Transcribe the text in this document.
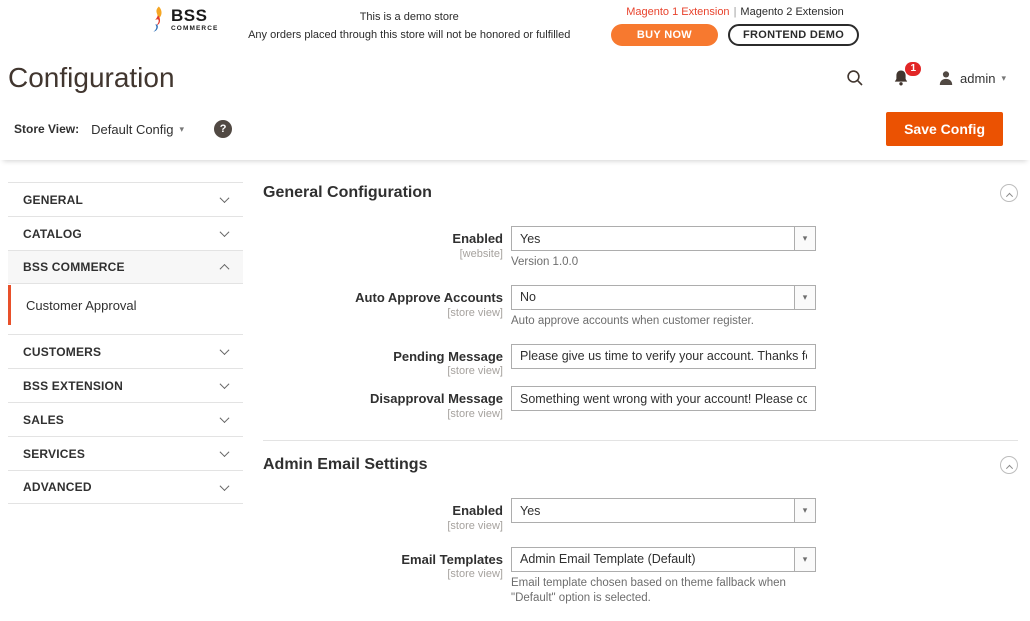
BSS
COMMERCE
This is a demo store
Any orders placed through this store will not be honored or fulfilled
Magento 1 Extension | Magento 2 Extension
BUY NOW	FRONTEND DEMO
Configuration	1
admin ▾
Store View: Default Config ▾	?	Save Config
GENERAL
CATALOG
BSS COMMERCE
Customer Approval
CUSTOMERS
BSS EXTENSION
SALES
SERVICES
ADVANCED
General Configuration
Enabled
[website]
Yes	▾
Version 1.0.0
Auto Approve Accounts
[store view]
No	▾
Auto approve accounts when customer register.
Pending Message
[store view]
Please give us time to verify your account. Thanks for visiting us.
Disapproval Message
[store view]
Something went wrong with your account! Please contact us for more informat
Admin Email Settings
Enabled
[store view]
Yes	▾
Email Templates
[store view]
Admin Email Template (Default)	▾
Email template chosen based on theme fallback when "Default" option is selected.
